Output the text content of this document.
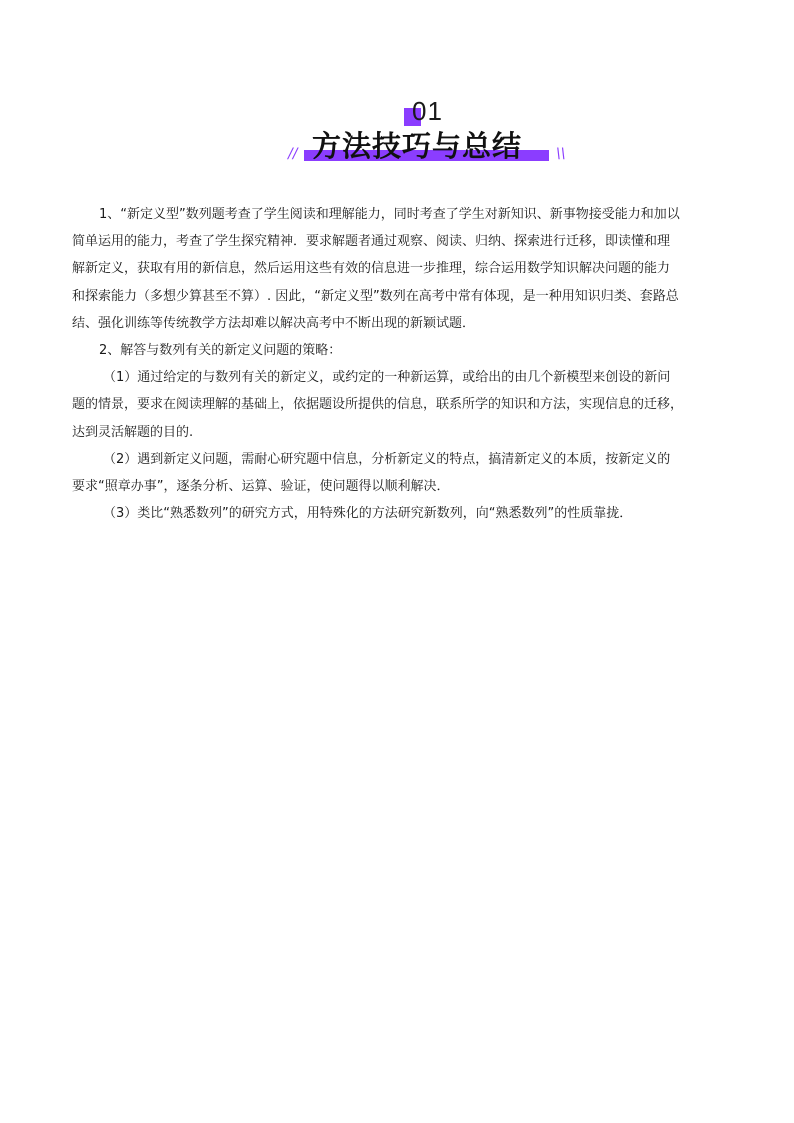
01
方法技巧与总结
//	\\
1、“新定义型”数列题考查了学生阅读和理解能力，同时考查了学生对新知识、新事物接受能力和加以
简单运用的能力，考查了学生探究精神．要求解题者通过观察、阅读、归纳、探索进行迁移，即读懂和理
解新定义，获取有用的新信息，然后运用这些有效的信息进一步推理，综合运用数学知识解决问题的能力
和探索能力（多想少算甚至不算）. 因此，“新定义型”数列在高考中常有体现，是一种用知识归类、套路总
结、强化训练等传统教学方法却难以解决高考中不断出现的新颖试题．
2、解答与数列有关的新定义问题的策略：
（1）通过给定的与数列有关的新定义，或约定的一种新运算，或给出的由几个新模型来创设的新问
题的情景，要求在阅读理解的基础上，依据题设所提供的信息，联系所学的知识和方法，实现信息的迁移，
达到灵活解题的目的.
（2）遇到新定义问题，需耐心研究题中信息，分析新定义的特点，搞清新定义的本质，按新定义的
要求“照章办事”，逐条分析、运算、验证，使问题得以顺利解决．
（3）类比“熟悉数列”的研究方式，用特殊化的方法研究新数列，向“熟悉数列”的性质靠拢．
